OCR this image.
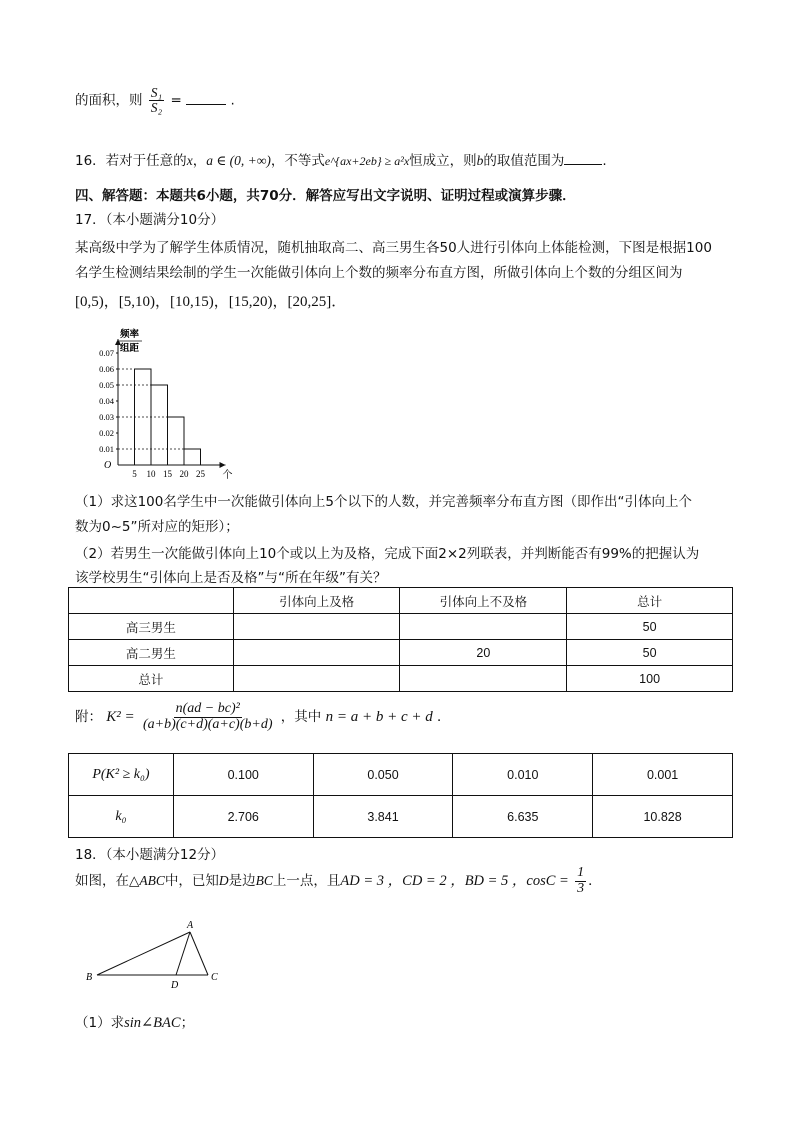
的面积，则 $\frac{\text{S₁}}{\text{S₂}}$ =	.
16．若对于任意的x，a ∈ (0, +∞)，不等式e^{ax+2eb} ≥ a²x恒成立，则b的取值范围为	.
四、解答题：本题共6小题，共70分．解答应写出文字说明、证明过程或演算步骤．
17．（本小题满分10分）
某高级中学为了解学生体质情况，随机抽取高二、高三男生各50人进行引体向上体能检测，下图是根据100
名学生检测结果绘制的学生一次能做引体向上个数的频率分布直方图，所做引体向上个数的分组区间为
[0,5)，[5,10)，[10,15)，[15,20)，[20,25]．
0.01
0.02
0.03
0.04
0.05
0.06
0.07
5 10 15 20 25
频率
组距
个
O
（1）求这100名学生中一次能做引体向上5个以下的人数，并完善频率分布直方图（即作出“引体向上个
数为0~5”所对应的矩形）；
（2）若男生一次能做引体向上10个或以上为及格，完成下面2×2列联表，并判断能否有99%的把握认为
该学校男生“引体向上是否及格”与“所在年级”有关？
	引体向上及格	引体向上不及格	总计
高三男生			50
高二男生		20	50
总计			100
附： $K^2 = \frac{\text{n(ad − bc)²}}{(a+b)(c+d)(a+c)(b+d)}$ ，其中 n = a + b + c + d ．
P(K² ≥ k₀)	0.100	0.050	0.010	0.001
k₀	2.706	3.841	6.635	10.828
18．（本小题满分12分）
如图，在△ABC中，已知D是边BC上一点，且AD = 3 ，CD = 2 ，BD = 5 ，$\cos C = \frac{1}{3}$ ．
A
B	C
D
（1）求sin∠BAC；
